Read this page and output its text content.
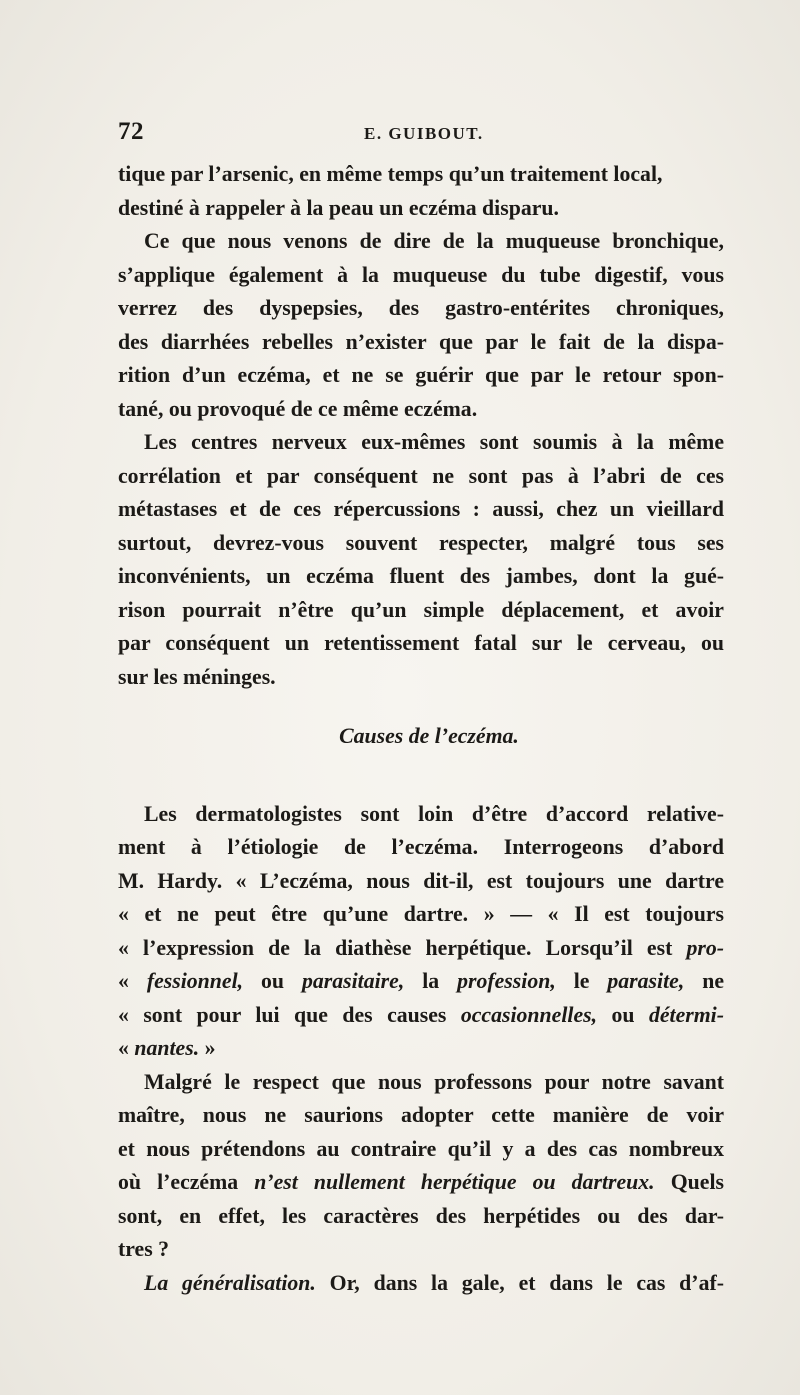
72	E. GUIBOUT.
tique par l’arsenic, en même temps qu’un traitement local,
destiné à rappeler à la peau un eczéma disparu.
Ce que nous venons de dire de la muqueuse bronchique,
s’applique également à la muqueuse du tube digestif, vous
verrez des dyspepsies, des gastro-entérites chroniques,
des diarrhées rebelles n’exister que par le fait de la dispa-
rition d’un eczéma, et ne se guérir que par le retour spon-
tané, ou provoqué de ce même eczéma.
Les centres nerveux eux-mêmes sont soumis à la même
corrélation et par conséquent ne sont pas à l’abri de ces
métastases et de ces répercussions : aussi, chez un vieillard
surtout, devrez-vous souvent respecter, malgré tous ses
inconvénients, un eczéma fluent des jambes, dont la gué-
rison pourrait n’être qu’un simple déplacement, et avoir
par conséquent un retentissement fatal sur le cerveau, ou
sur les méninges.
Causes de l’eczéma.
Les dermatologistes sont loin d’être d’accord relative-
ment à l’étiologie de l’eczéma. Interrogeons d’abord
M. Hardy. « L’eczéma, nous dit-il, est toujours une dartre
« et ne peut être qu’une dartre. » — « Il est toujours
« l’expression de la diathèse herpétique. Lorsqu’il est pro-
« fessionnel, ou parasitaire, la profession, le parasite, ne
« sont pour lui que des causes occasionnelles, ou détermi-
« nantes. »
Malgré le respect que nous professons pour notre savant
maître, nous ne saurions adopter cette manière de voir
et nous prétendons au contraire qu’il y a des cas nombreux
où l’eczéma n’est nullement herpétique ou dartreux. Quels
sont, en effet, les caractères des herpétides ou des dar-
tres ?
La généralisation. Or, dans la gale, et dans le cas d’af-
